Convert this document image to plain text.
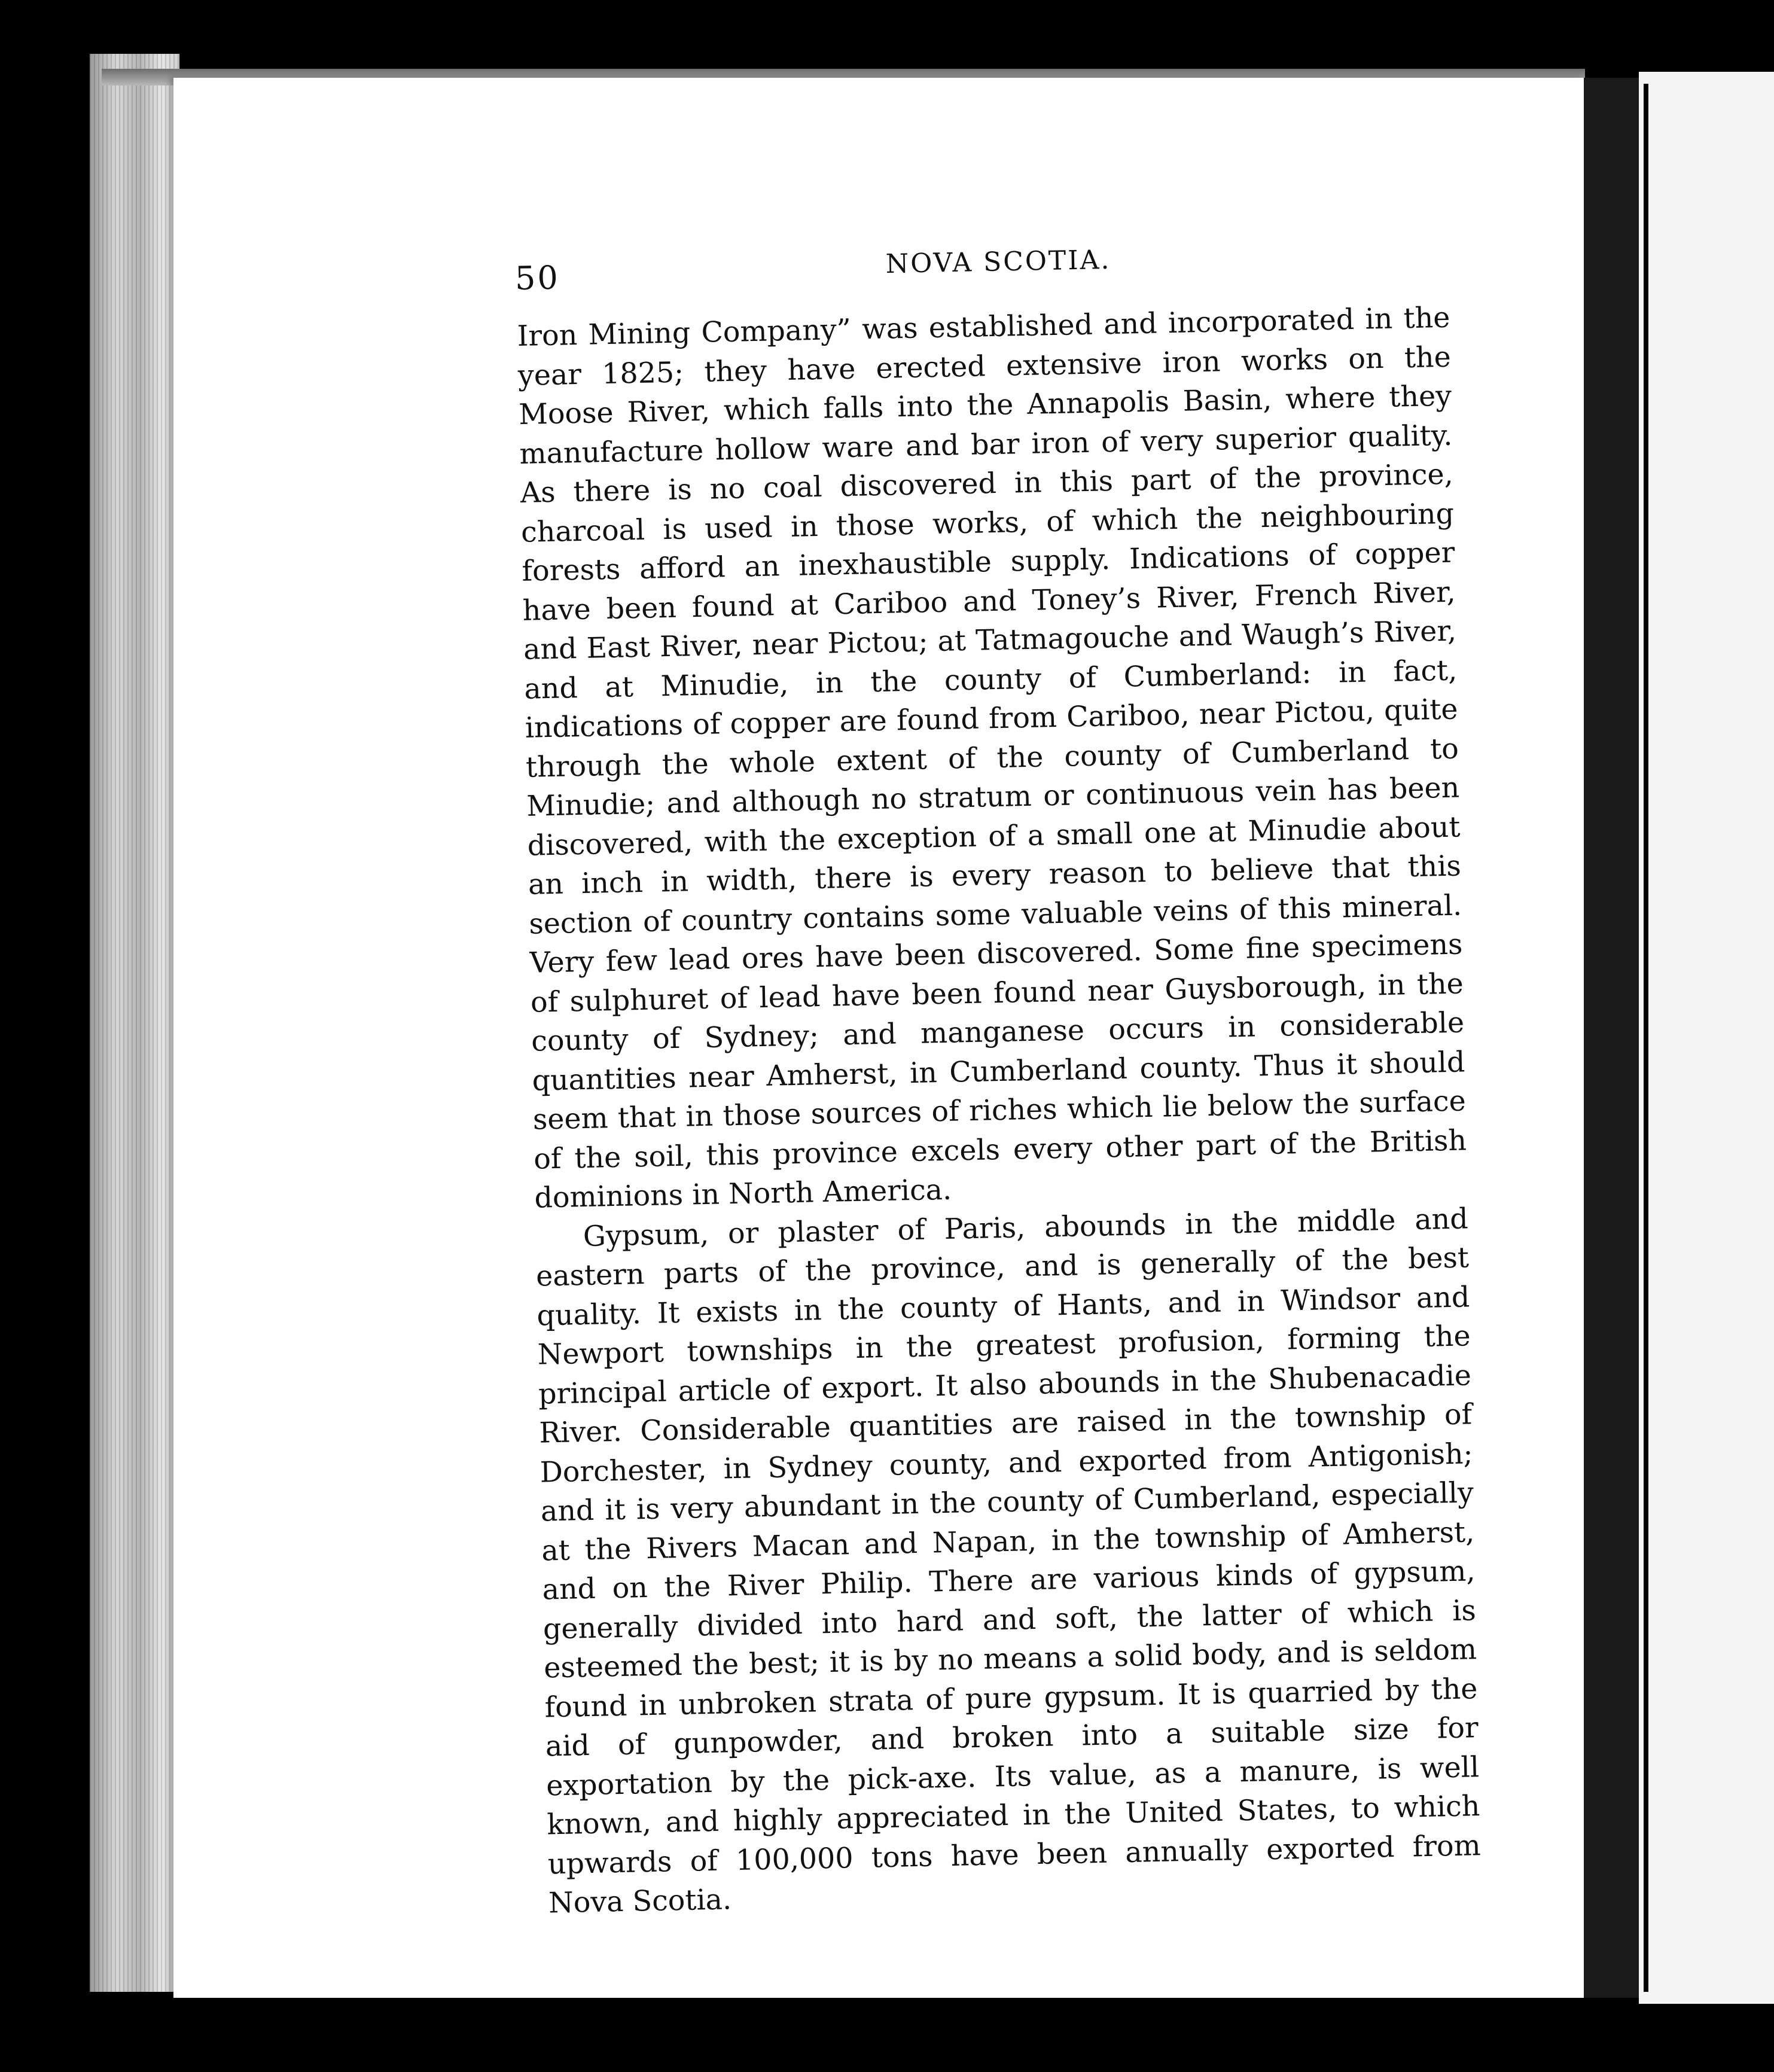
50	NOVA SCOTIA.

Iron Mining Company” was established and incorporated in the year 1825; they have erected extensive iron works on the Moose River, which falls into the Annapolis Basin, where they manufacture hollow ware and bar iron of very superior quality. As there is no coal discovered in this part of the province, charcoal is used in those works, of which the neighbouring forests afford an inexhaustible supply. Indications of copper have been found at Cariboo and Toney’s River, French River, and East River, near Pictou; at Tatmagouche and Waugh’s River, and at Minudie, in the county of Cumberland: in fact, indications of copper are found from Cariboo, near Pictou, quite through the whole extent of the county of Cumberland to Minudie; and although no stratum or continuous vein has been discovered, with the exception of a small one at Minudie about an inch in width, there is every reason to believe that this section of country contains some valuable veins of this mineral. Very few lead ores have been discovered. Some fine specimens of sulphuret of lead have been found near Guysborough, in the county of Sydney; and manganese occurs in considerable quantities near Amherst, in Cumberland county. Thus it should seem that in those sources of riches which lie below the surface of the soil, this province excels every other part of the British dominions in North America.

Gypsum, or plaster of Paris, abounds in the middle and eastern parts of the province, and is generally of the best quality. It exists in the county of Hants, and in Windsor and Newport townships in the greatest profusion, forming the principal article of export. It also abounds in the Shubenacadie River. Considerable quantities are raised in the township of Dorchester, in Sydney county, and exported from Antigonish; and it is very abundant in the county of Cumberland, especially at the Rivers Macan and Napan, in the township of Amherst, and on the River Philip. There are various kinds of gypsum, generally divided into hard and soft, the latter of which is esteemed the best; it is by no means a solid body, and is seldom found in unbroken strata of pure gypsum. It is quarried by the aid of gunpowder, and broken into a suitable size for exportation by the pick-axe. Its value, as a manure, is well known, and highly appreciated in the United States, to which upwards of 100,000 tons have been annually exported from Nova Scotia.
